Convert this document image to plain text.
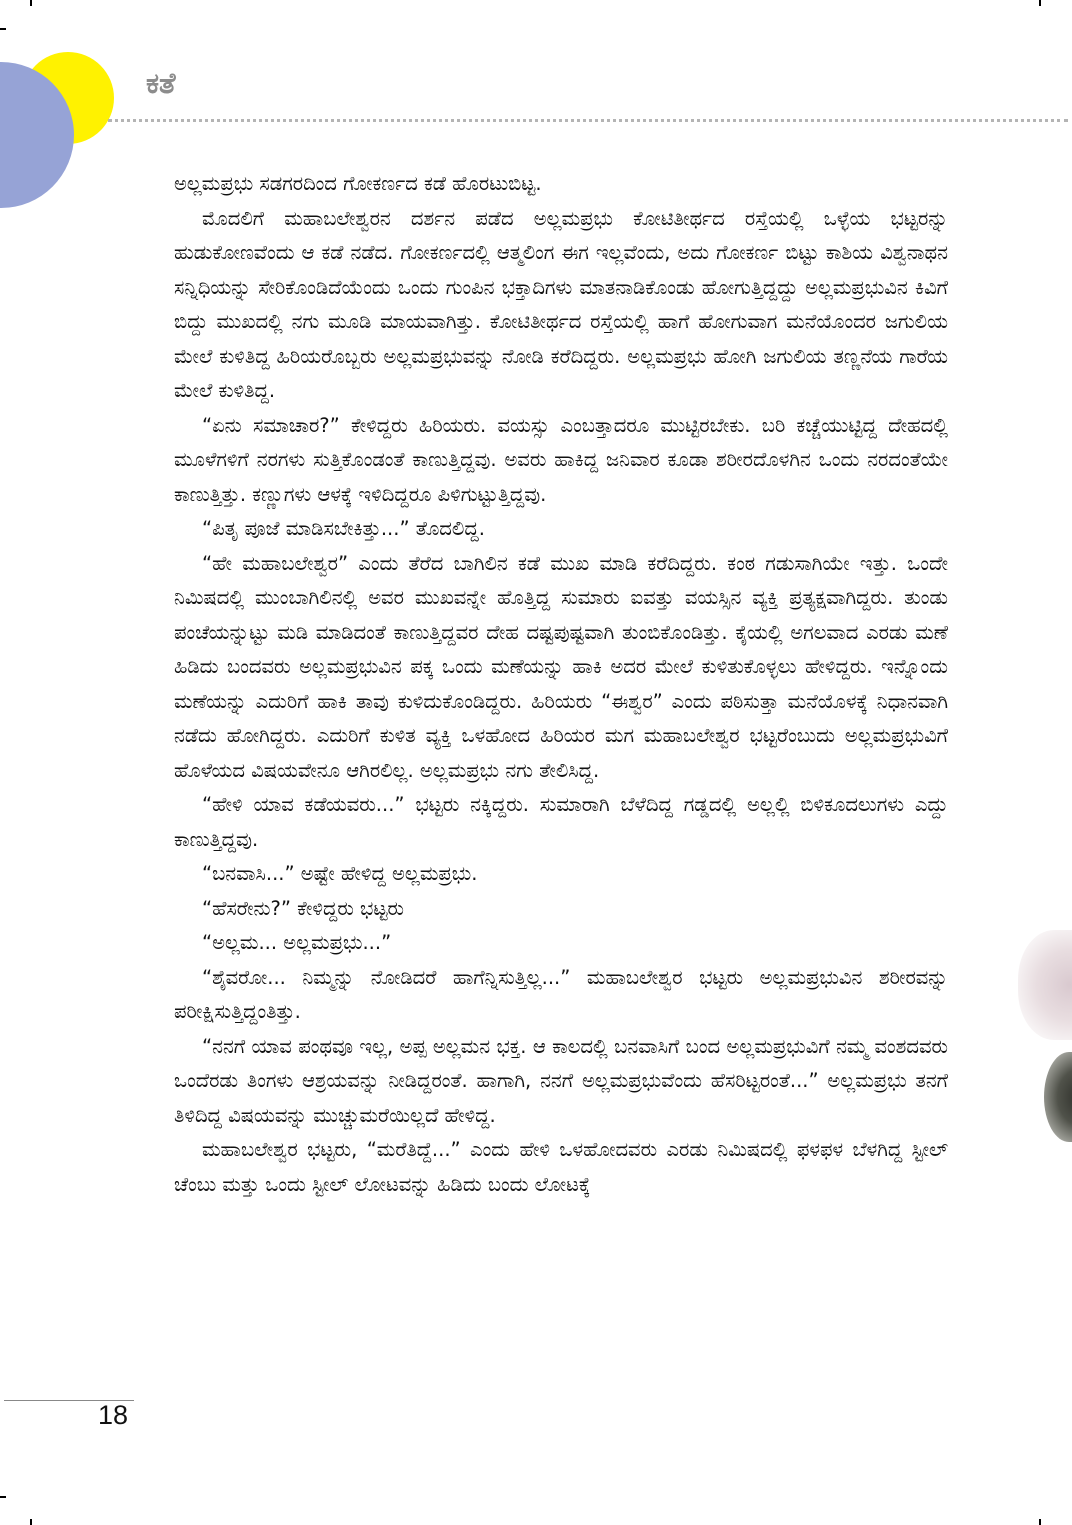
ಕತೆ

ಅಲ್ಲಮಪ್ರಭು ಸಡಗರದಿಂದ ಗೋಕರ್ಣದ ಕಡೆ ಹೊರಟುಬಿಟ್ಟ.

ಮೊದಲಿಗೆ ಮಹಾಬಲೇಶ್ವರನ ದರ್ಶನ ಪಡೆದ ಅಲ್ಲಮಪ್ರಭು ಕೋಟಿತೀರ್ಥದ ರಸ್ತೆಯಲ್ಲಿ ಒಳ್ಳೆಯ ಭಟ್ಟರನ್ನು ಹುಡುಕೋಣವೆಂದು ಆ ಕಡೆ ನಡೆದ. ಗೋಕರ್ಣದಲ್ಲಿ ಆತ್ಮಲಿಂಗ ಈಗ ಇಲ್ಲವೆಂದು, ಅದು ಗೋಕರ್ಣ ಬಿಟ್ಟು ಕಾಶಿಯ ವಿಶ್ವನಾಥನ ಸನ್ನಿಧಿಯನ್ನು ಸೇರಿಕೊಂಡಿದೆಯೆಂದು ಒಂದು ಗುಂಪಿನ ಭಕ್ತಾದಿಗಳು ಮಾತನಾಡಿಕೊಂಡು ಹೋಗುತ್ತಿದ್ದದ್ದು ಅಲ್ಲಮಪ್ರಭುವಿನ ಕಿವಿಗೆ ಬಿದ್ದು ಮುಖದಲ್ಲಿ ನಗು ಮೂಡಿ ಮಾಯವಾಗಿತ್ತು. ಕೋಟಿತೀರ್ಥದ ರಸ್ತೆಯಲ್ಲಿ ಹಾಗೆ ಹೋಗುವಾಗ ಮನೆಯೊಂದರ ಜಗುಲಿಯ ಮೇಲೆ ಕುಳಿತಿದ್ದ ಹಿರಿಯರೊಬ್ಬರು ಅಲ್ಲಮಪ್ರಭುವನ್ನು ನೋಡಿ ಕರೆದಿದ್ದರು. ಅಲ್ಲಮಪ್ರಭು ಹೋಗಿ ಜಗುಲಿಯ ತಣ್ಣನೆಯ ಗಾರೆಯ ಮೇಲೆ ಕುಳಿತಿದ್ದ.

“ಏನು ಸಮಾಚಾರ?” ಕೇಳಿದ್ದರು ಹಿರಿಯರು. ವಯಸ್ಸು ಎಂಬತ್ತಾದರೂ ಮುಟ್ಟಿರಬೇಕು. ಬರಿ ಕಚ್ಚೆಯುಟ್ಟಿದ್ದ ದೇಹದಲ್ಲಿ ಮೂಳೆಗಳಿಗೆ ನರಗಳು ಸುತ್ತಿಕೊಂಡಂತೆ ಕಾಣುತ್ತಿದ್ದವು. ಅವರು ಹಾಕಿದ್ದ ಜನಿವಾರ ಕೂಡಾ ಶರೀರದೊಳಗಿನ ಒಂದು ನರದಂತೆಯೇ ಕಾಣುತ್ತಿತ್ತು. ಕಣ್ಣುಗಳು ಆಳಕ್ಕೆ ಇಳಿದಿದ್ದರೂ ಪಿಳಿಗುಟ್ಟುತ್ತಿದ್ದವು.

“ಪಿತೃ ಪೂಜೆ ಮಾಡಿಸಬೇಕಿತ್ತು...” ತೊದಲಿದ್ದ.

“ಹೇ ಮಹಾಬಲೇಶ್ವರ” ಎಂದು ತೆರೆದ ಬಾಗಿಲಿನ ಕಡೆ ಮುಖ ಮಾಡಿ ಕರೆದಿದ್ದರು. ಕಂಠ ಗಡುಸಾಗಿಯೇ ಇತ್ತು. ಒಂದೇ ನಿಮಿಷದಲ್ಲಿ ಮುಂಬಾಗಿಲಿನಲ್ಲಿ ಅವರ ಮುಖವನ್ನೇ ಹೊತ್ತಿದ್ದ ಸುಮಾರು ಐವತ್ತು ವಯಸ್ಸಿನ ವ್ಯಕ್ತಿ ಪ್ರತ್ಯಕ್ಷವಾಗಿದ್ದರು. ತುಂಡು ಪಂಚೆಯನ್ನುಟ್ಟು ಮಡಿ ಮಾಡಿದಂತೆ ಕಾಣುತ್ತಿದ್ದವರ ದೇಹ ದಷ್ಟಪುಷ್ಟವಾಗಿ ತುಂಬಿಕೊಂಡಿತ್ತು. ಕೈಯಲ್ಲಿ ಅಗಲವಾದ ಎರಡು ಮಣೆ ಹಿಡಿದು ಬಂದವರು ಅಲ್ಲಮಪ್ರಭುವಿನ ಪಕ್ಕ ಒಂದು ಮಣೆಯನ್ನು ಹಾಕಿ ಅದರ ಮೇಲೆ ಕುಳಿತುಕೊಳ್ಳಲು ಹೇಳಿದ್ದರು. ಇನ್ನೊಂದು ಮಣೆಯನ್ನು ಎದುರಿಗೆ ಹಾಕಿ ತಾವು ಕುಳಿದುಕೊಂಡಿದ್ದರು. ಹಿರಿಯರು “ಈಶ್ವರ” ಎಂದು ಪಠಿಸುತ್ತಾ ಮನೆಯೊಳಕ್ಕೆ ನಿಧಾನವಾಗಿ ನಡೆದು ಹೋಗಿದ್ದರು. ಎದುರಿಗೆ ಕುಳಿತ ವ್ಯಕ್ತಿ ಒಳಹೋದ ಹಿರಿಯರ ಮಗ ಮಹಾಬಲೇಶ್ವರ ಭಟ್ಟರೆಂಬುದು ಅಲ್ಲಮಪ್ರಭುವಿಗೆ ಹೊಳೆಯದ ವಿಷಯವೇನೂ ಆಗಿರಲಿಲ್ಲ. ಅಲ್ಲಮಪ್ರಭು ನಗು ತೇಲಿಸಿದ್ದ.

“ಹೇಳಿ ಯಾವ ಕಡೆಯವರು...” ಭಟ್ಟರು ನಕ್ಕಿದ್ದರು. ಸುಮಾರಾಗಿ ಬೆಳೆದಿದ್ದ ಗಡ್ಡದಲ್ಲಿ ಅಲ್ಲಲ್ಲಿ ಬಿಳಿಕೂದಲುಗಳು ಎದ್ದು ಕಾಣುತ್ತಿದ್ದವು.

“ಬನವಾಸಿ...” ಅಷ್ಟೇ ಹೇಳಿದ್ದ ಅಲ್ಲಮಪ್ರಭು.

“ಹೆಸರೇನು?” ಕೇಳಿದ್ದರು ಭಟ್ಟರು

“ಅಲ್ಲಮ... ಅಲ್ಲಮಪ್ರಭು...”

“ಶೈವರೋ... ನಿಮ್ಮನ್ನು ನೋಡಿದರೆ ಹಾಗೆನ್ನಿಸುತ್ತಿಲ್ಲ...” ಮಹಾಬಲೇಶ್ವರ ಭಟ್ಟರು ಅಲ್ಲಮಪ್ರಭುವಿನ ಶರೀರವನ್ನು ಪರೀಕ್ಷಿಸುತ್ತಿದ್ದಂತಿತ್ತು.

“ನನಗೆ ಯಾವ ಪಂಥವೂ ಇಲ್ಲ, ಅಪ್ಪ ಅಲ್ಲಮನ ಭಕ್ತ. ಆ ಕಾಲದಲ್ಲಿ ಬನವಾಸಿಗೆ ಬಂದ ಅಲ್ಲಮಪ್ರಭುವಿಗೆ ನಮ್ಮ ವಂಶದವರು ಒಂದೆರಡು ತಿಂಗಳು ಆಶ್ರಯವನ್ನು ನೀಡಿದ್ದರಂತೆ. ಹಾಗಾಗಿ, ನನಗೆ ಅಲ್ಲಮಪ್ರಭುವೆಂದು ಹೆಸರಿಟ್ಟರಂತೆ...” ಅಲ್ಲಮಪ್ರಭು ತನಗೆ ತಿಳಿದಿದ್ದ ವಿಷಯವನ್ನು ಮುಚ್ಚುಮರೆಯಿಲ್ಲದೆ ಹೇಳಿದ್ದ.

ಮಹಾಬಲೇಶ್ವರ ಭಟ್ಟರು, “ಮರೆತಿದ್ದೆ...” ಎಂದು ಹೇಳಿ ಒಳಹೋದವರು ಎರಡು ನಿಮಿಷದಲ್ಲಿ ಫಳಫಳ ಬೆಳಗಿದ್ದ ಸ್ಟೀಲ್ ಚೆಂಬು ಮತ್ತು ಒಂದು ಸ್ಟೀಲ್ ಲೋಟವನ್ನು ಹಿಡಿದು ಬಂದು ಲೋಟಕ್ಕೆ

18
